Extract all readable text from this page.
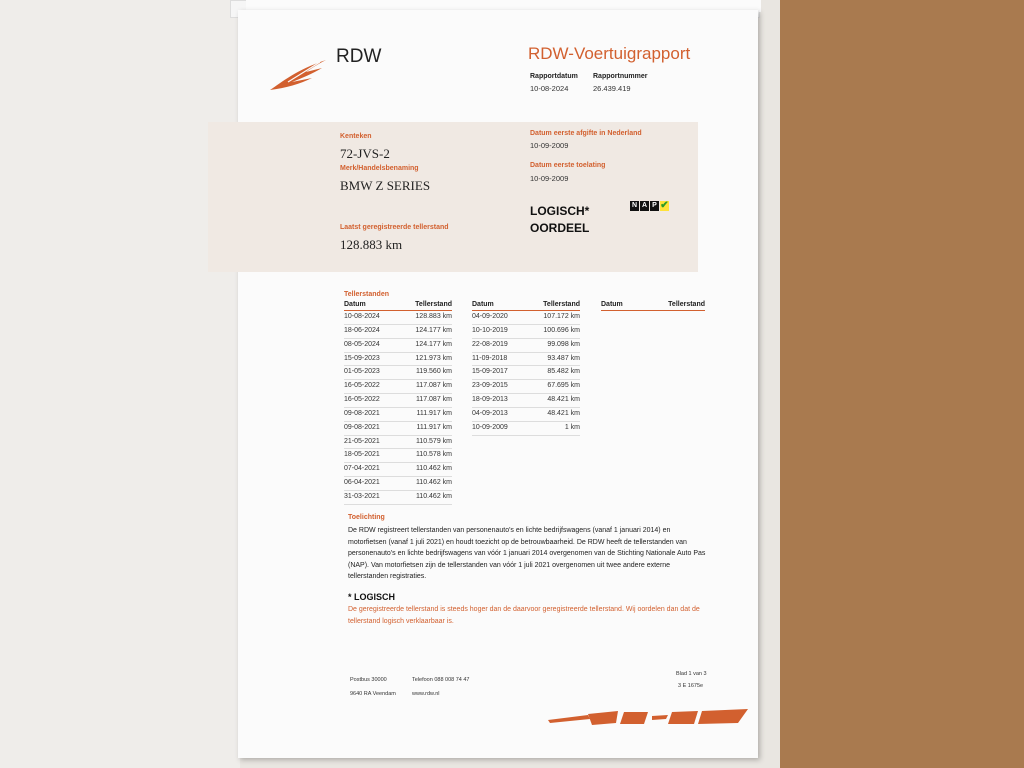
RDW	RDW-Voertuigrapport
Rapportdatum
10-08-2024
Rapportnummer
26.439.419
Kenteken
72-JVS-2
Merk/Handelsbenaming
BMW Z SERIES
Laatst geregistreerde tellerstand
128.883 km
Datum eerste afgifte in Nederland
10-09-2009
Datum eerste toelating
10-09-2009
LOGISCH*
OORDEEL
N A P ✔
Tellerstanden
Datum	Tellerstand
10-08-2024	128.883 km
18-06-2024	124.177 km
08-05-2024	124.177 km
15-09-2023	121.973 km
01-05-2023	119.560 km
16-05-2022	117.087 km
16-05-2022	117.087 km
09-08-2021	111.917 km
09-08-2021	111.917 km
21-05-2021	110.579 km
18-05-2021	110.578 km
07-04-2021	110.462 km
06-04-2021	110.462 km
31-03-2021	110.462 km
Datum	Tellerstand
04-09-2020	107.172 km
10-10-2019	100.696 km
22-08-2019	99.098 km
11-09-2018	93.487 km
15-09-2017	85.482 km
23-09-2015	67.695 km
18-09-2013	48.421 km
04-09-2013	48.421 km
10-09-2009	1 km
Datum	Tellerstand
Toelichting
De RDW registreert tellerstanden van personenauto's en lichte bedrijfswagens (vanaf 1 januari 2014) en motorfietsen (vanaf 1 juli 2021) en houdt toezicht op de betrouwbaarheid. De RDW heeft de tellerstanden van personenauto's en lichte bedrijfswagens van vóór 1 januari 2014 overgenomen van de Stichting Nationale Auto Pas (NAP). Van motorfietsen zijn de tellerstanden van vóór 1 juli 2021 overgenomen uit twee andere externe tellerstanden registraties.
* LOGISCH
De geregistreerde tellerstand is steeds hoger dan de daarvoor geregistreerde tellerstand. Wij oordelen dan dat de tellerstand logisch verklaarbaar is.
Postbus 30000
9640 RA Veendam
Telefoon 088 008 74 47
www.rdw.nl
Blad 1 van 3
3 E 1675e
